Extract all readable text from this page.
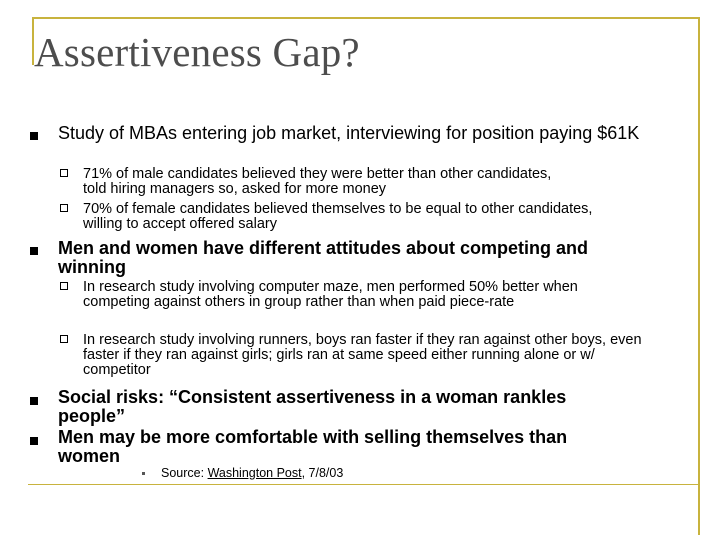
Assertiveness Gap?
Study of MBAs entering job market, interviewing for position paying $61K
71% of male candidates believed they were better than other candidates, told hiring managers so, asked for more money
70% of female candidates believed themselves to be equal to other candidates, willing to accept offered salary
Men and women have different attitudes about competing and winning
In research study involving computer maze, men performed 50% better when competing against others in group rather than when paid piece-rate
In research study involving runners, boys ran faster if they ran against other boys, even faster if they ran against girls; girls ran at same speed either running alone or w/ competitor
Social risks: “Consistent assertiveness in a woman rankles people”
Men may be more comfortable with selling themselves than women
Source: Washington Post, 7/8/03
